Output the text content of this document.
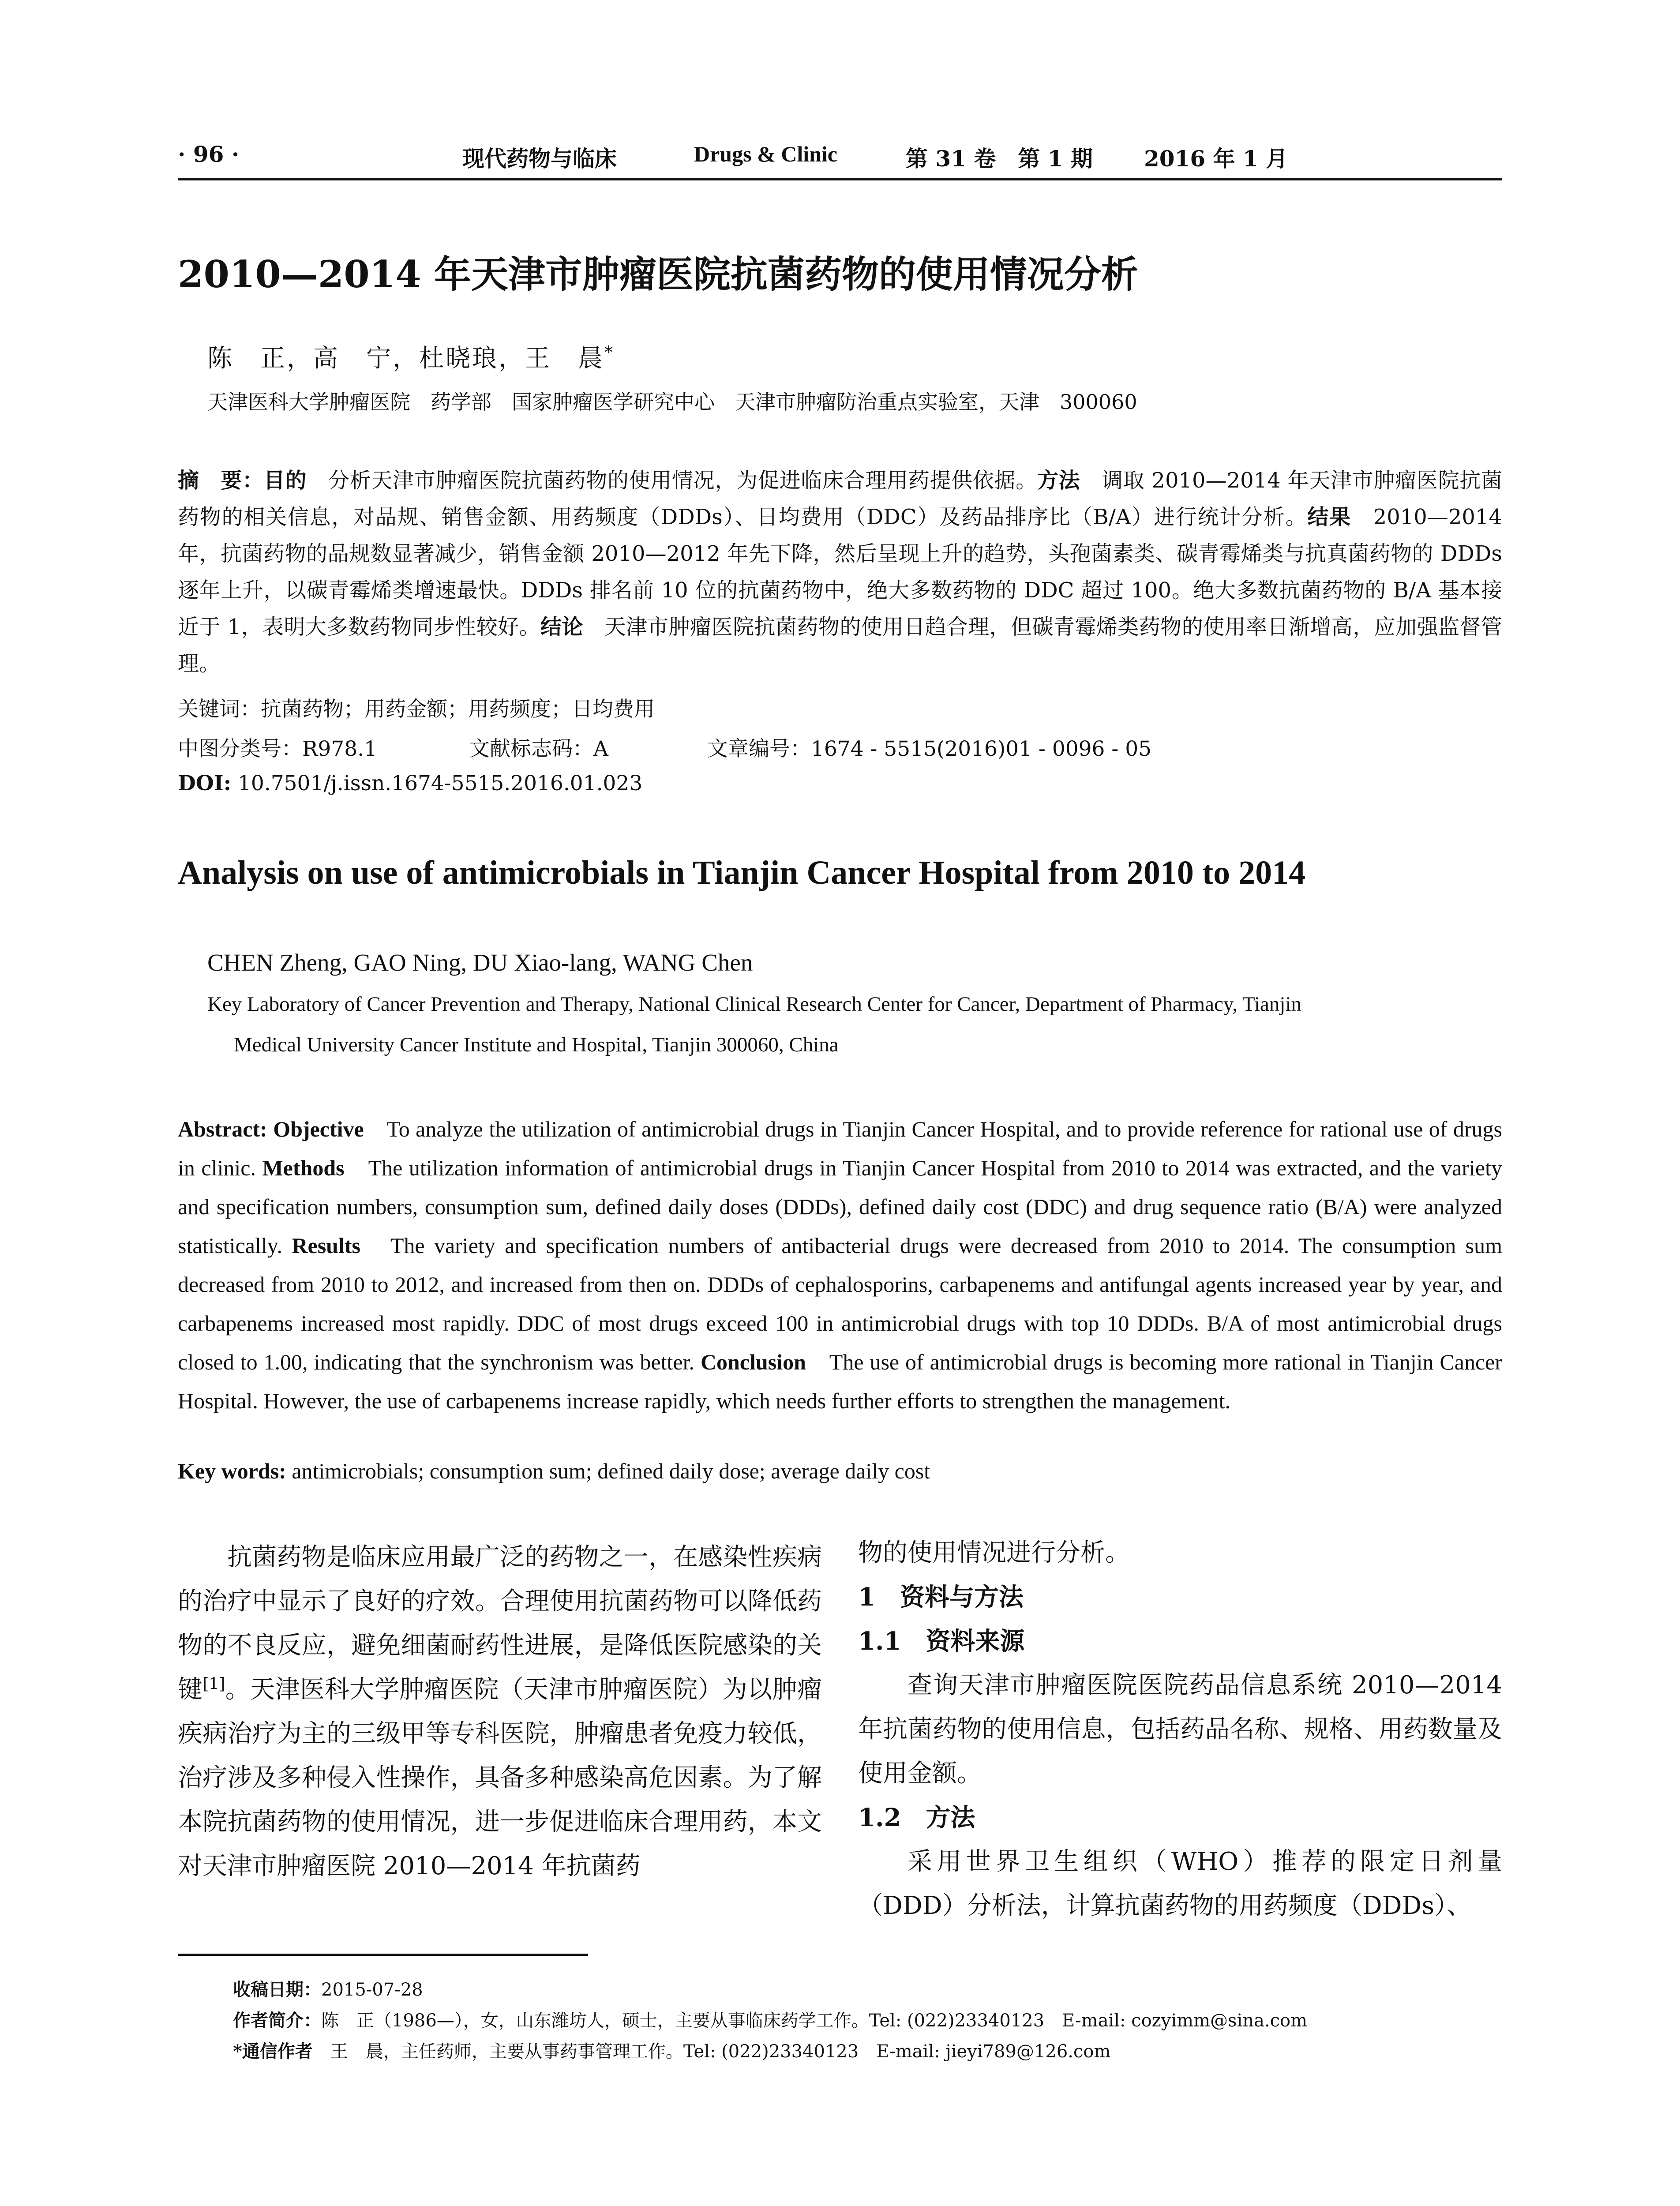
· 96 ·	现代药物与临床	Drugs & Clinic	第 31 卷　第 1 期 2016 年 1 月
2010—2014 年天津市肿瘤医院抗菌药物的使用情况分析
陈　正，高　宁，杜晓琅，王　晨*
天津医科大学肿瘤医院　药学部　国家肿瘤医学研究中心　天津市肿瘤防治重点实验室，天津　300060
摘　要：目的　分析天津市肿瘤医院抗菌药物的使用情况，为促进临床合理用药提供依据。方法　调取 2010—2014 年天津市肿瘤医院抗菌药物的相关信息，对品规、销售金额、用药频度（DDDs）、日均费用（DDC）及药品排序比（B/A）进行统计分析。结果　2010—2014 年，抗菌药物的品规数显著减少，销售金额 2010—2012 年先下降，然后呈现上升的趋势，头孢菌素类、碳青霉烯类与抗真菌药物的 DDDs 逐年上升，以碳青霉烯类增速最快。DDDs 排名前 10 位的抗菌药物中，绝大多数药物的 DDC 超过 100。绝大多数抗菌药物的 B/A 基本接近于 1，表明大多数药物同步性较好。结论　天津市肿瘤医院抗菌药物的使用日趋合理，但碳青霉烯类药物的使用率日渐增高，应加强监督管理。
关键词：抗菌药物；用药金额；用药频度；日均费用
中图分类号：R978.1	文献标志码：A	文章编号：1674 - 5515(2016)01 - 0096 - 05
DOI: 10.7501/j.issn.1674-5515.2016.01.023
Analysis on use of antimicrobials in Tianjin Cancer Hospital from 2010 to 2014
CHEN Zheng, GAO Ning, DU Xiao-lang, WANG Chen
Key Laboratory of Cancer Prevention and Therapy, National Clinical Research Center for Cancer, Department of Pharmacy, Tianjin
Medical University Cancer Institute and Hospital, Tianjin 300060, China
Abstract: Objective　To analyze the utilization of antimicrobial drugs in Tianjin Cancer Hospital, and to provide reference for rational use of drugs in clinic. Methods　The utilization information of antimicrobial drugs in Tianjin Cancer Hospital from 2010 to 2014 was extracted, and the variety and specification numbers, consumption sum, defined daily doses (DDDs), defined daily cost (DDC) and drug sequence ratio (B/A) were analyzed statistically. Results　The variety and specification numbers of antibacterial drugs were decreased from 2010 to 2014. The consumption sum decreased from 2010 to 2012, and increased from then on. DDDs of cephalosporins, carbapenems and antifungal agents increased year by year, and carbapenems increased most rapidly. DDC of most drugs exceed 100 in antimicrobial drugs with top 10 DDDs. B/A of most antimicrobial drugs closed to 1.00, indicating that the synchronism was better. Conclusion　The use of antimicrobial drugs is becoming more rational in Tianjin Cancer Hospital. However, the use of carbapenems increase rapidly, which needs further efforts to strengthen the management.
Key words: antimicrobials; consumption sum; defined daily dose; average daily cost
抗菌药物是临床应用最广泛的药物之一，在感染性疾病的治疗中显示了良好的疗效。合理使用抗菌药物可以降低药物的不良反应，避免细菌耐药性进展，是降低医院感染的关键[1]。天津医科大学肿瘤医院（天津市肿瘤医院）为以肿瘤疾病治疗为主的三级甲等专科医院，肿瘤患者免疫力较低，治疗涉及多种侵入性操作，具备多种感染高危因素。为了解本院抗菌药物的使用情况，进一步促进临床合理用药，本文对天津市肿瘤医院 2010—2014 年抗菌药

物的使用情况进行分析。

1　资料与方法

1.1　资料来源

查询天津市肿瘤医院医院药品信息系统 2010—2014 年抗菌药物的使用信息，包括药品名称、规格、用药数量及使用金额。

1.2　方法

采用世界卫生组织（WHO）推荐的限定日剂量（DDD）分析法，计算抗菌药物的用药频度（DDDs）、

收稿日期：2015-07-28
作者简介：陈　正（1986—），女，山东潍坊人，硕士，主要从事临床药学工作。Tel: (022)23340123　E-mail: cozyimm@sina.com
*通信作者　王　晨，主任药师，主要从事药事管理工作。Tel: (022)23340123　E-mail: jieyi789@126.com
